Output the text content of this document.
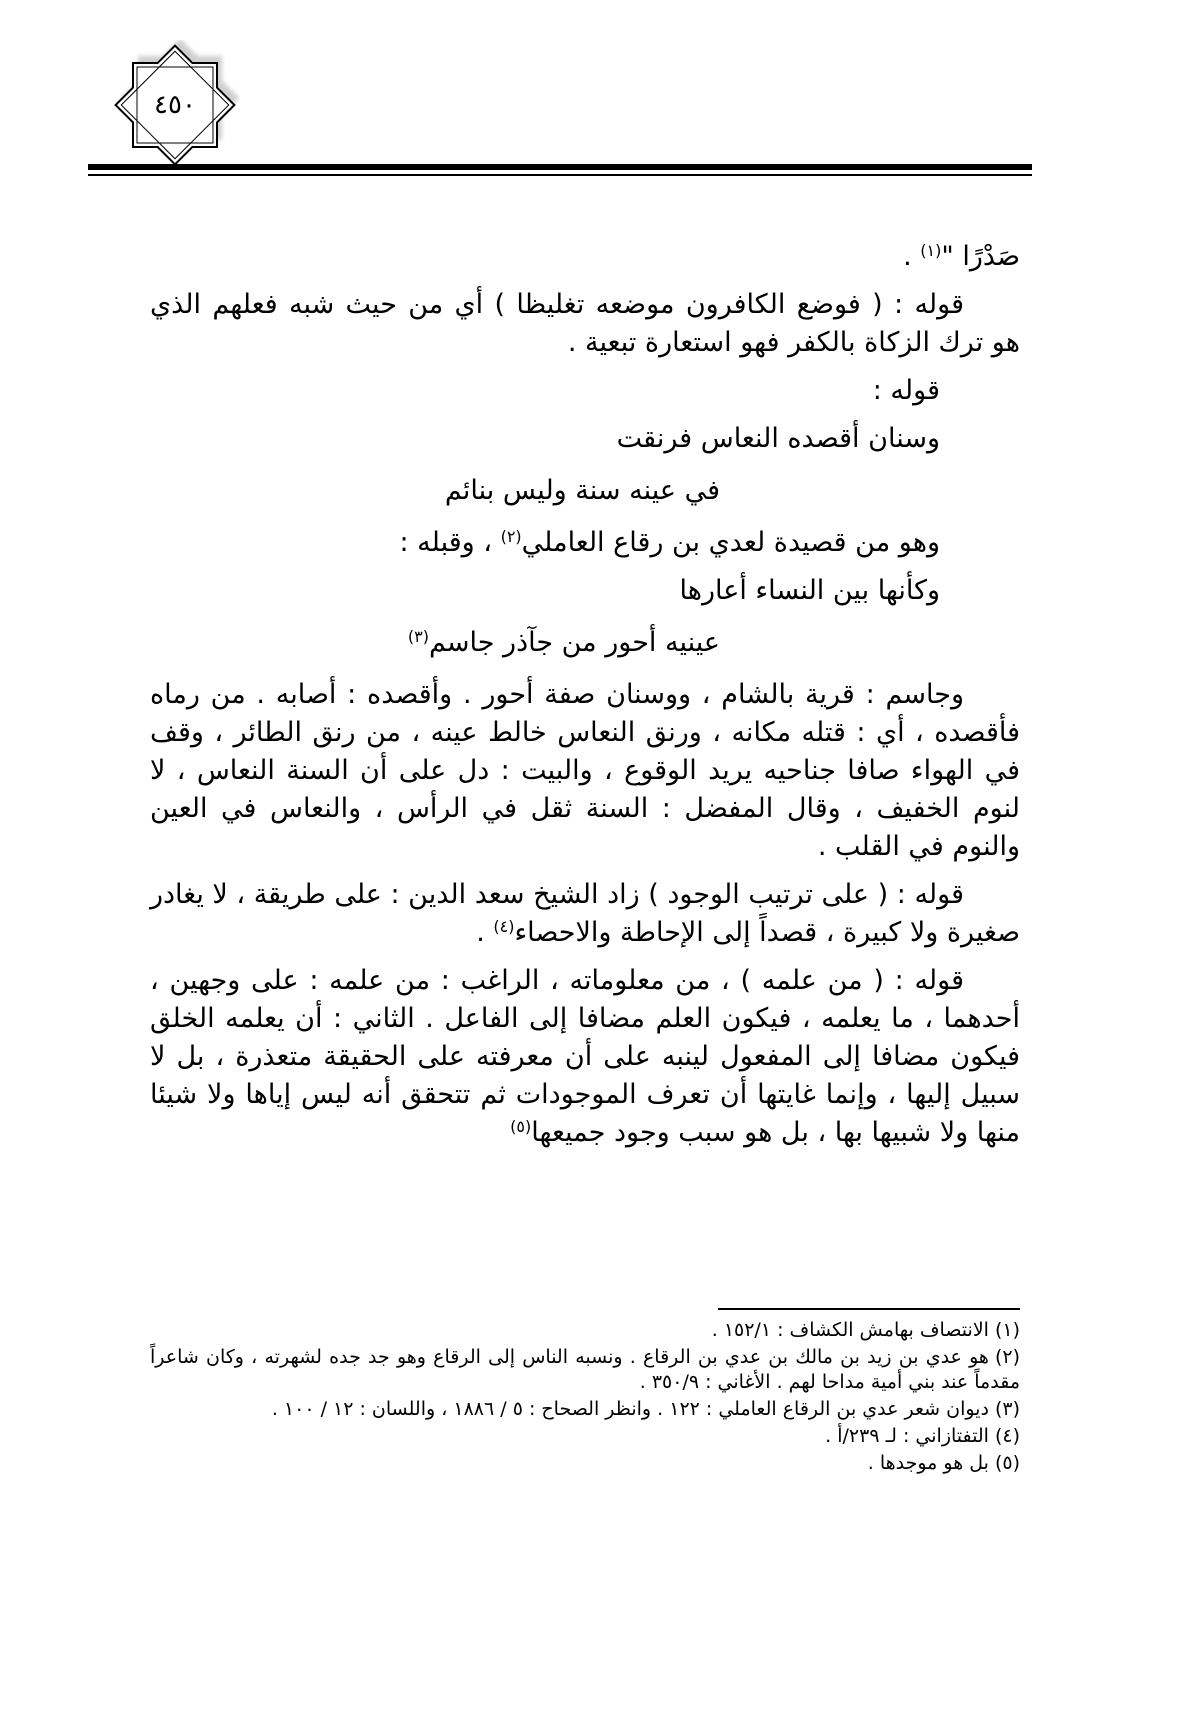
٤٥٠

صَدْرًا "$^{(١)}$ .

قوله : ( فوضع الكافرون موضعه تغليظا ) أي من حيث شبه فعلهم الذي هو ترك الزكاة بالكفر فهو استعارة تبعية .

قوله :

وسنان أقصده النعاس فرنقت

في عينه سنة وليس بنائم

وهو من قصيدة لعدي بن رقاع العاملي$^{(٢)}$ ، وقبله :

وكأنها بين النساء أعارها

عينيه أحور من جآذر جاسم$^{(٣)}$

وجاسم : قرية بالشام ، ووسنان صفة أحور . وأقصده : أصابه . من رماه فأقصده ، أي : قتله مكانه ، ورنق النعاس خالط عينه ، من رنق الطائر ، وقف في الهواء صافا جناحيه يريد الوقوع ، والبيت : دل على أن السنة النعاس ، لا لنوم الخفيف ، وقال المفضل : السنة ثقل في الرأس ، والنعاس في العين والنوم في القلب .

قوله : ( على ترتيب الوجود ) زاد الشيخ سعد الدين : على طريقة ، لا يغادر صغيرة ولا كبيرة ، قصداً إلى الإحاطة والاحصاء$^{(٤)}$ .

قوله : ( من علمه ) ، من معلوماته ، الراغب : من علمه : على وجهين ، أحدهما ، ما يعلمه ، فيكون العلم مضافا إلى الفاعل . الثاني : أن يعلمه الخلق فيكون مضافا إلى المفعول لينبه على أن معرفته على الحقيقة متعذرة ، بل لا سبيل إليها ، وإنما غايتها أن تعرف الموجودات ثم تتحقق أنه ليس إياها ولا شيئا منها ولا شبيها بها ، بل هو سبب وجود جميعها$^{(٥)}$

(١)الانتصاف بهامش الكشاف : ١٥٢/١ .
(٢)هو عدي بن زيد بن مالك بن عدي بن الرقاع . ونسبه الناس إلى الرقاع وهو جد جده لشهرته ، وكان شاعراً مقدماً عند بني أمية مداحا لهم . الأغاني : ٣٥٠/٩ .
(٣)ديوان شعر عدي بن الرقاع العاملي : ١٢٢ . وانظر الصحاح : ٥ / ١٨٨٦ ، واللسان : ١٢ / ١٠٠ .
(٤)التفتازاني : لـ ٢٣٩/أ .
(٥)بل هو موجدها .
